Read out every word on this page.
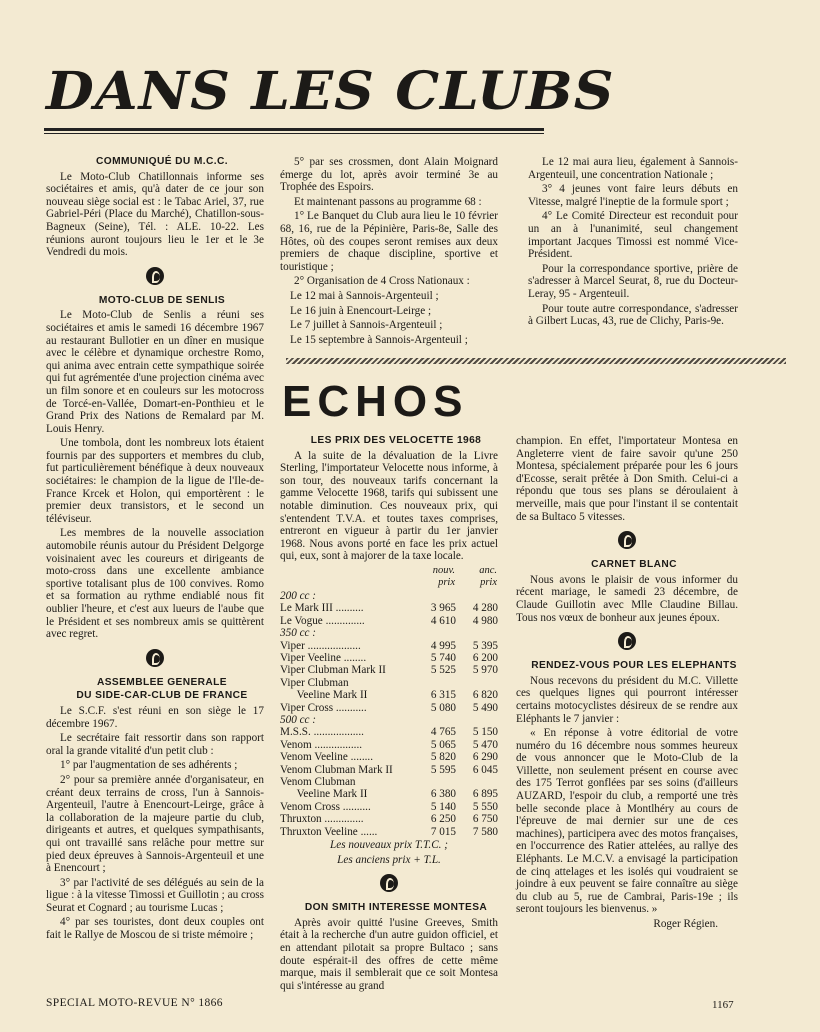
DANS LES CLUBS

COMMUNIQUÉ DU M.C.C.

Le Moto-Club Chatillonnais informe ses sociétaires et amis, qu'à dater de ce jour son nouveau siège social est : le Tabac Ariel, 37, rue Gabriel-Péri (Place du Marché), Chatillon-sous-Bagneux (Seine), Tél. : ALE. 10-22. Les réunions auront toujours lieu le 1er et le 3e Vendredi du mois.

MOTO-CLUB DE SENLIS

Le Moto-Club de Senlis a réuni ses sociétaires et amis le samedi 16 décembre 1967 au restaurant Bullotier en un dîner en musique avec le célèbre et dynamique orchestre Romo, qui anima avec entrain cette sympathique soirée qui fut agrémentée d'une projection cinéma avec un film sonore et en couleurs sur les motocross de Torcé-en-Vallée, Domart-en-Ponthieu et le Grand Prix des Nations de Remalard par M. Louis Henry.

Une tombola, dont les nombreux lots étaient fournis par des supporters et membres du club, fut particulièrement bénéfique à deux nouveaux sociétaires: le champion de la ligue de l'Ile-de-France Krcek et Holon, qui emportèrent : le premier deux transistors, et le second un téléviseur.

Les membres de la nouvelle association automobile réunis autour du Président Delgorge voisinaient avec les coureurs et dirigeants de moto-cross dans une excellente ambiance sportive totalisant plus de 100 convives. Romo et sa formation au rythme endiablé nous fit oublier l'heure, et c'est aux lueurs de l'aube que le Président et ses nombreux amis se quittèrent avec regret.

ASSEMBLEE GENERALE

DU SIDE-CAR-CLUB DE FRANCE

Le S.C.F. s'est réuni en son siège le 17 décembre 1967.

Le secrétaire fait ressortir dans son rapport oral la grande vitalité d'un petit club :

1° par l'augmentation de ses adhérents ;

2° pour sa première année d'organisateur, en créant deux terrains de cross, l'un à Sannois-Argenteuil, l'autre à Enencourt-Leirge, grâce à la collaboration de la majeure partie du club, dirigeants et autres, et quelques sympathisants, qui ont travaillé sans relâche pour mettre sur pied deux épreuves à Sannois-Argenteuil et une à Enencourt ;

3° par l'activité de ses délégués au sein de la ligue : à la vitesse Timossi et Guillotin ; au cross Seurat et Cognard ; au tourisme Lucas ;

4° par ses touristes, dont deux couples ont fait le Rallye de Moscou de si triste mémoire ;

5° par ses crossmen, dont Alain Moignard émerge du lot, après avoir terminé 3e au Trophée des Espoirs.

Et maintenant passons au programme 68 :

1° Le Banquet du Club aura lieu le 10 février 68, 16, rue de la Pépinière, Paris-8e, Salle des Hôtes, où des coupes seront remises aux deux premiers de chaque discipline, sportive et touristique ;

2° Organisation de 4 Cross Nationaux :

Le 12 mai à Sannois-Argenteuil ;

Le 16 juin à Enencourt-Leirge ;

Le 7 juillet à Sannois-Argenteuil ;

Le 15 septembre à Sannois-Argenteuil ;

Le 12 mai aura lieu, également à Sannois-Argenteuil, une concentration Nationale ;

3° 4 jeunes vont faire leurs débuts en Vitesse, malgré l'ineptie de la formule sport ;

4° Le Comité Directeur est reconduit pour un an à l'unanimité, seul changement important Jacques Timossi est nommé Vice-Président.

Pour la correspondance sportive, prière de s'adresser à Marcel Seurat, 8, rue du Docteur-Leray, 95 - Argenteuil.

Pour toute autre correspondance, s'adresser à Gilbert Lucas, 43, rue de Clichy, Paris-9e.

ECHOS

LES PRIX DES VELOCETTE 1968

A la suite de la dévaluation de la Livre Sterling, l'importateur Velocette nous informe, à son tour, des nouveaux tarifs concernant la gamme Velocette 1968, tarifs qui subissent une notable diminution. Ces nouveaux prix, qui s'entendent T.V.A. et toutes taxes comprises, entreront en vigueur à partir du 1er janvier 1968. Nous avons porté en face les prix actuel qui, eux, sont à majorer de la taxe locale.

	nouv.	anc.
	prix	prix
200 cc :		
Le Mark III ..........	3 965	4 280
Le Vogue ..............	4 610	4 980
350 cc :		
Viper ...................	4 995	5 395
Viper Veeline ........	5 740	6 200
Viper Clubman Mark II	5 525	5 970
Viper Clubman		
Veeline Mark II	6 315	6 820
Viper Cross ...........	5 080	5 490
500 cc :		
M.S.S. ..................	4 765	5 150
Venom .................	5 065	5 470
Venom Veeline ........	5 820	6 290
Venom Clubman Mark II	5 595	6 045
Venom Clubman		
Veeline Mark II	6 380	6 895
Venom Cross ..........	5 140	5 550
Thruxton ..............	6 250	6 750
Thruxton Veeline ......	7 015	7 580

Les nouveaux prix T.T.C. ;

Les anciens prix + T.L.

DON SMITH INTERESSE MONTESA

Après avoir quitté l'usine Greeves, Smith était à la recherche d'un autre guidon officiel, et en attendant pilotait sa propre Bultaco ; sans doute espérait-il des offres de cette même marque, mais il semblerait que ce soit Montesa qui s'intéresse au grand

champion. En effet, l'importateur Montesa en Angleterre vient de faire savoir qu'une 250 Montesa, spécialement préparée pour les 6 jours d'Ecosse, serait prêtée à Don Smith. Celui-ci a répondu que tous ses plans se déroulaient à merveille, mais que pour l'instant il se contentait de sa Bultaco 5 vitesses.

CARNET BLANC

Nous avons le plaisir de vous informer du récent mariage, le samedi 23 décembre, de Claude Guillotin avec Mlle Claudine Billau. Tous nos vœux de bonheur aux jeunes époux.

RENDEZ-VOUS POUR LES ELEPHANTS

Nous recevons du président du M.C. Villette ces quelques lignes qui pourront intéresser certains motocyclistes désireux de se rendre aux Eléphants le 7 janvier :

« En réponse à votre éditorial de votre numéro du 16 décembre nous sommes heureux de vous annoncer que le Moto-Club de la Villette, non seulement présent en course avec des 175 Terrot gonflées par ses soins (d'ailleurs AUZARD, l'espoir du club, a remporté une très belle seconde place à Montlhéry au cours de l'épreuve de mai dernier sur une de ces machines), participera avec des motos françaises, en l'occurrence des Ratier attelées, au rallye des Eléphants. Le M.C.V. a envisagé la participation de cinq attelages et les isolés qui voudraient se joindre à eux peuvent se faire connaître au siège du club au 5, rue de Cambrai, Paris-19e ; ils seront toujours les bienvenus. »

Roger Régien.

SPECIAL MOTO-REVUE N° 1866	1167
